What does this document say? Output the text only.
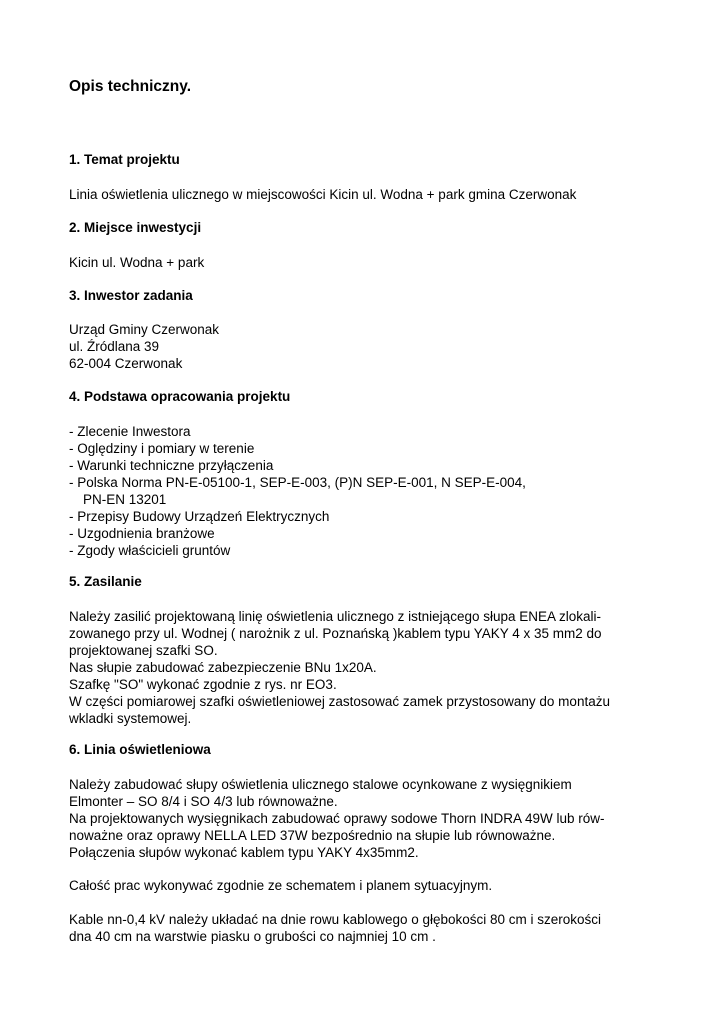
Opis techniczny.
1. Temat projektu

Linia oświetlenia ulicznego w miejscowości Kicin ul. Wodna + park gmina Czerwonak

2. Miejsce inwestycji

Kicin ul. Wodna + park

3. Inwestor zadania
Urząd Gminy Czerwonak
ul. Źródlana 39
62-004 Czerwonak
4. Podstawa opracowania projektu
- Zlecenie Inwestora
- Oględziny i pomiary w terenie
- Warunki techniczne przyłączenia
- Polska Norma PN-E-05100-1, SEP-E-003, (P)N SEP-E-001, N SEP-E-004,
PN-EN 13201
- Przepisy Budowy Urządzeń Elektrycznych
- Uzgodnienia branżowe
- Zgody właścicieli gruntów
5. Zasilanie
Należy zasilić projektowaną linię oświetlenia ulicznego z istniejącego słupa ENEA zlokali-
zowanego przy ul. Wodnej ( narożnik z ul. Poznańską )kablem typu YAKY 4 x 35 mm2 do
projektowanej szafki SO.
Nas słupie zabudować zabezpieczenie BNu 1x20A.
Szafkę "SO" wykonać zgodnie z rys. nr EO3.
W części pomiarowej szafki oświetleniowej zastosować zamek przystosowany do montażu
wkladki systemowej.
6. Linia oświetleniowa
Należy zabudować słupy oświetlenia ulicznego stalowe ocynkowane z wysięgnikiem
Elmonter – SO 8/4 i SO 4/3 lub równoważne.
Na projektowanych wysięgnikach zabudować oprawy sodowe Thorn INDRA 49W lub rów-
noważne oraz oprawy NELLA LED 37W bezpośrednio na słupie lub równoważne.
Połączenia słupów wykonać kablem typu YAKY 4x35mm2.

Całość prac wykonywać zgodnie ze schematem i planem sytuacyjnym.

Kable nn-0,4 kV należy układać na dnie rowu kablowego o głębokości 80 cm i szerokości
dna 40 cm na warstwie piasku o grubości co najmniej 10 cm .
